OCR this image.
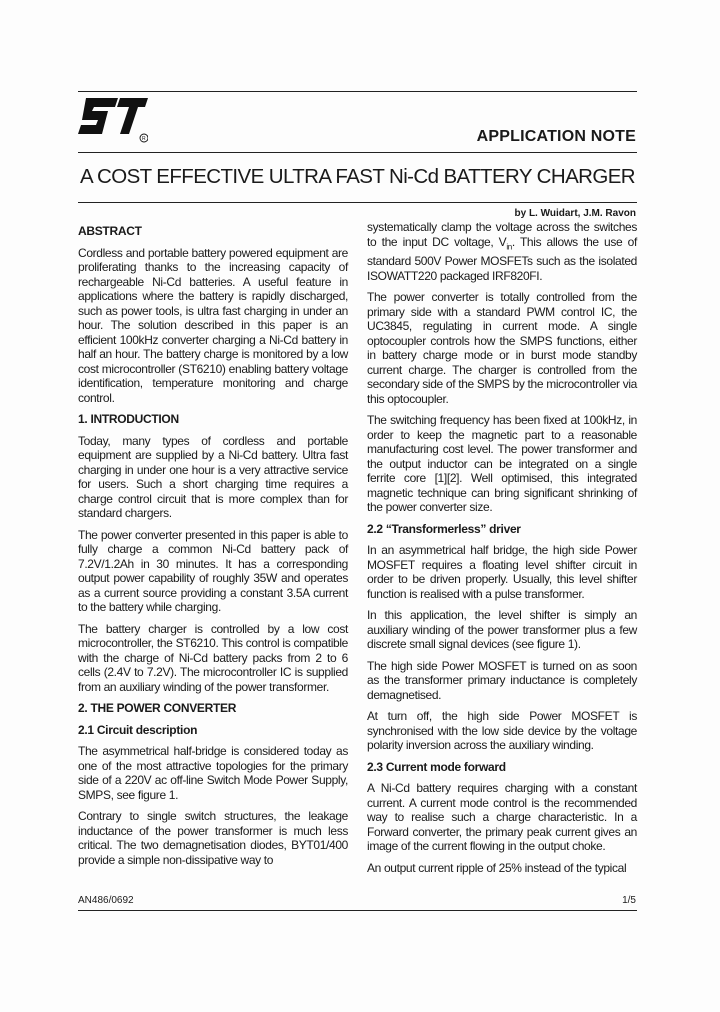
R	APPLICATION NOTE
A COST EFFECTIVE ULTRA FAST Ni-Cd BATTERY CHARGER
by L. Wuidart, J.M. Ravon
ABSTRACT

Cordless and portable battery powered equipment are proliferating thanks to the increasing capacity of rechargeable Ni-Cd batteries. A useful feature in applications where the battery is rapidly discharged, such as power tools, is ultra fast charging in under an hour. The solution described in this paper is an efficient 100kHz converter charging a Ni-Cd battery in half an hour. The battery charge is monitored by a low cost microcontroller (ST6210) enabling battery voltage identification, temperature monitoring and charge control.

1. INTRODUCTION

Today, many types of cordless and portable equipment are supplied by a Ni-Cd battery. Ultra fast charging in under one hour is a very attractive service for users. Such a short charging time requires a charge control circuit that is more complex than for standard chargers.

The power converter presented in this paper is able to fully charge a common Ni-Cd battery pack of 7.2V/1.2Ah in 30 minutes. It has a corresponding output power capability of roughly 35W and operates as a current source providing a constant 3.5A current to the battery while charging.

The battery charger is controlled by a low cost microcontroller, the ST6210. This control is compatible with the charge of Ni-Cd battery packs from 2 to 6 cells (2.4V to 7.2V). The microcontroller IC is supplied from an auxiliary winding of the power transformer.

2. THE POWER CONVERTER
2.1 Circuit description

The asymmetrical half-bridge is considered today as one of the most attractive topologies for the primary side of a 220V ac off-line Switch Mode Power Supply, SMPS, see figure 1.

Contrary to single switch structures, the leakage inductance of the power transformer is much less critical. The two demagnetisation diodes, BYT01/400 provide a simple non-dissipative way to

systematically clamp the voltage across the switches to the input DC voltage, $V_{in}$. This allows the use of standard 500V Power MOSFETs such as the isolated ISOWATT220 packaged IRF820FI.

The power converter is totally controlled from the primary side with a standard PWM control IC, the UC3845, regulating in current mode. A single optocoupler controls how the SMPS functions, either in battery charge mode or in burst mode standby current charge. The charger is controlled from the secondary side of the SMPS by the microcontroller via this optocoupler.

The switching frequency has been fixed at 100kHz, in order to keep the magnetic part to a reasonable manufacturing cost level. The power transformer and the output inductor can be integrated on a single ferrite core [1][2]. Well optimised, this integrated magnetic technique can bring significant shrinking of the power converter size.

2.2 “Transformerless” driver

In an asymmetrical half bridge, the high side Power MOSFET requires a floating level shifter circuit in order to be driven properly. Usually, this level shifter function is realised with a pulse transformer.

In this application, the level shifter is simply an auxiliary winding of the power transformer plus a few discrete small signal devices (see figure 1).

The high side Power MOSFET is turned on as soon as the transformer primary inductance is completely demagnetised.

At turn off, the high side Power MOSFET is synchronised with the low side device by the voltage polarity inversion across the auxiliary winding.

2.3 Current mode forward

A Ni-Cd battery requires charging with a constant current. A current mode control is the recommended way to realise such a charge characteristic. In a Forward converter, the primary peak current gives an image of the current flowing in the output choke.

An output current ripple of 25% instead of the typical

AN486/0692	1/5
